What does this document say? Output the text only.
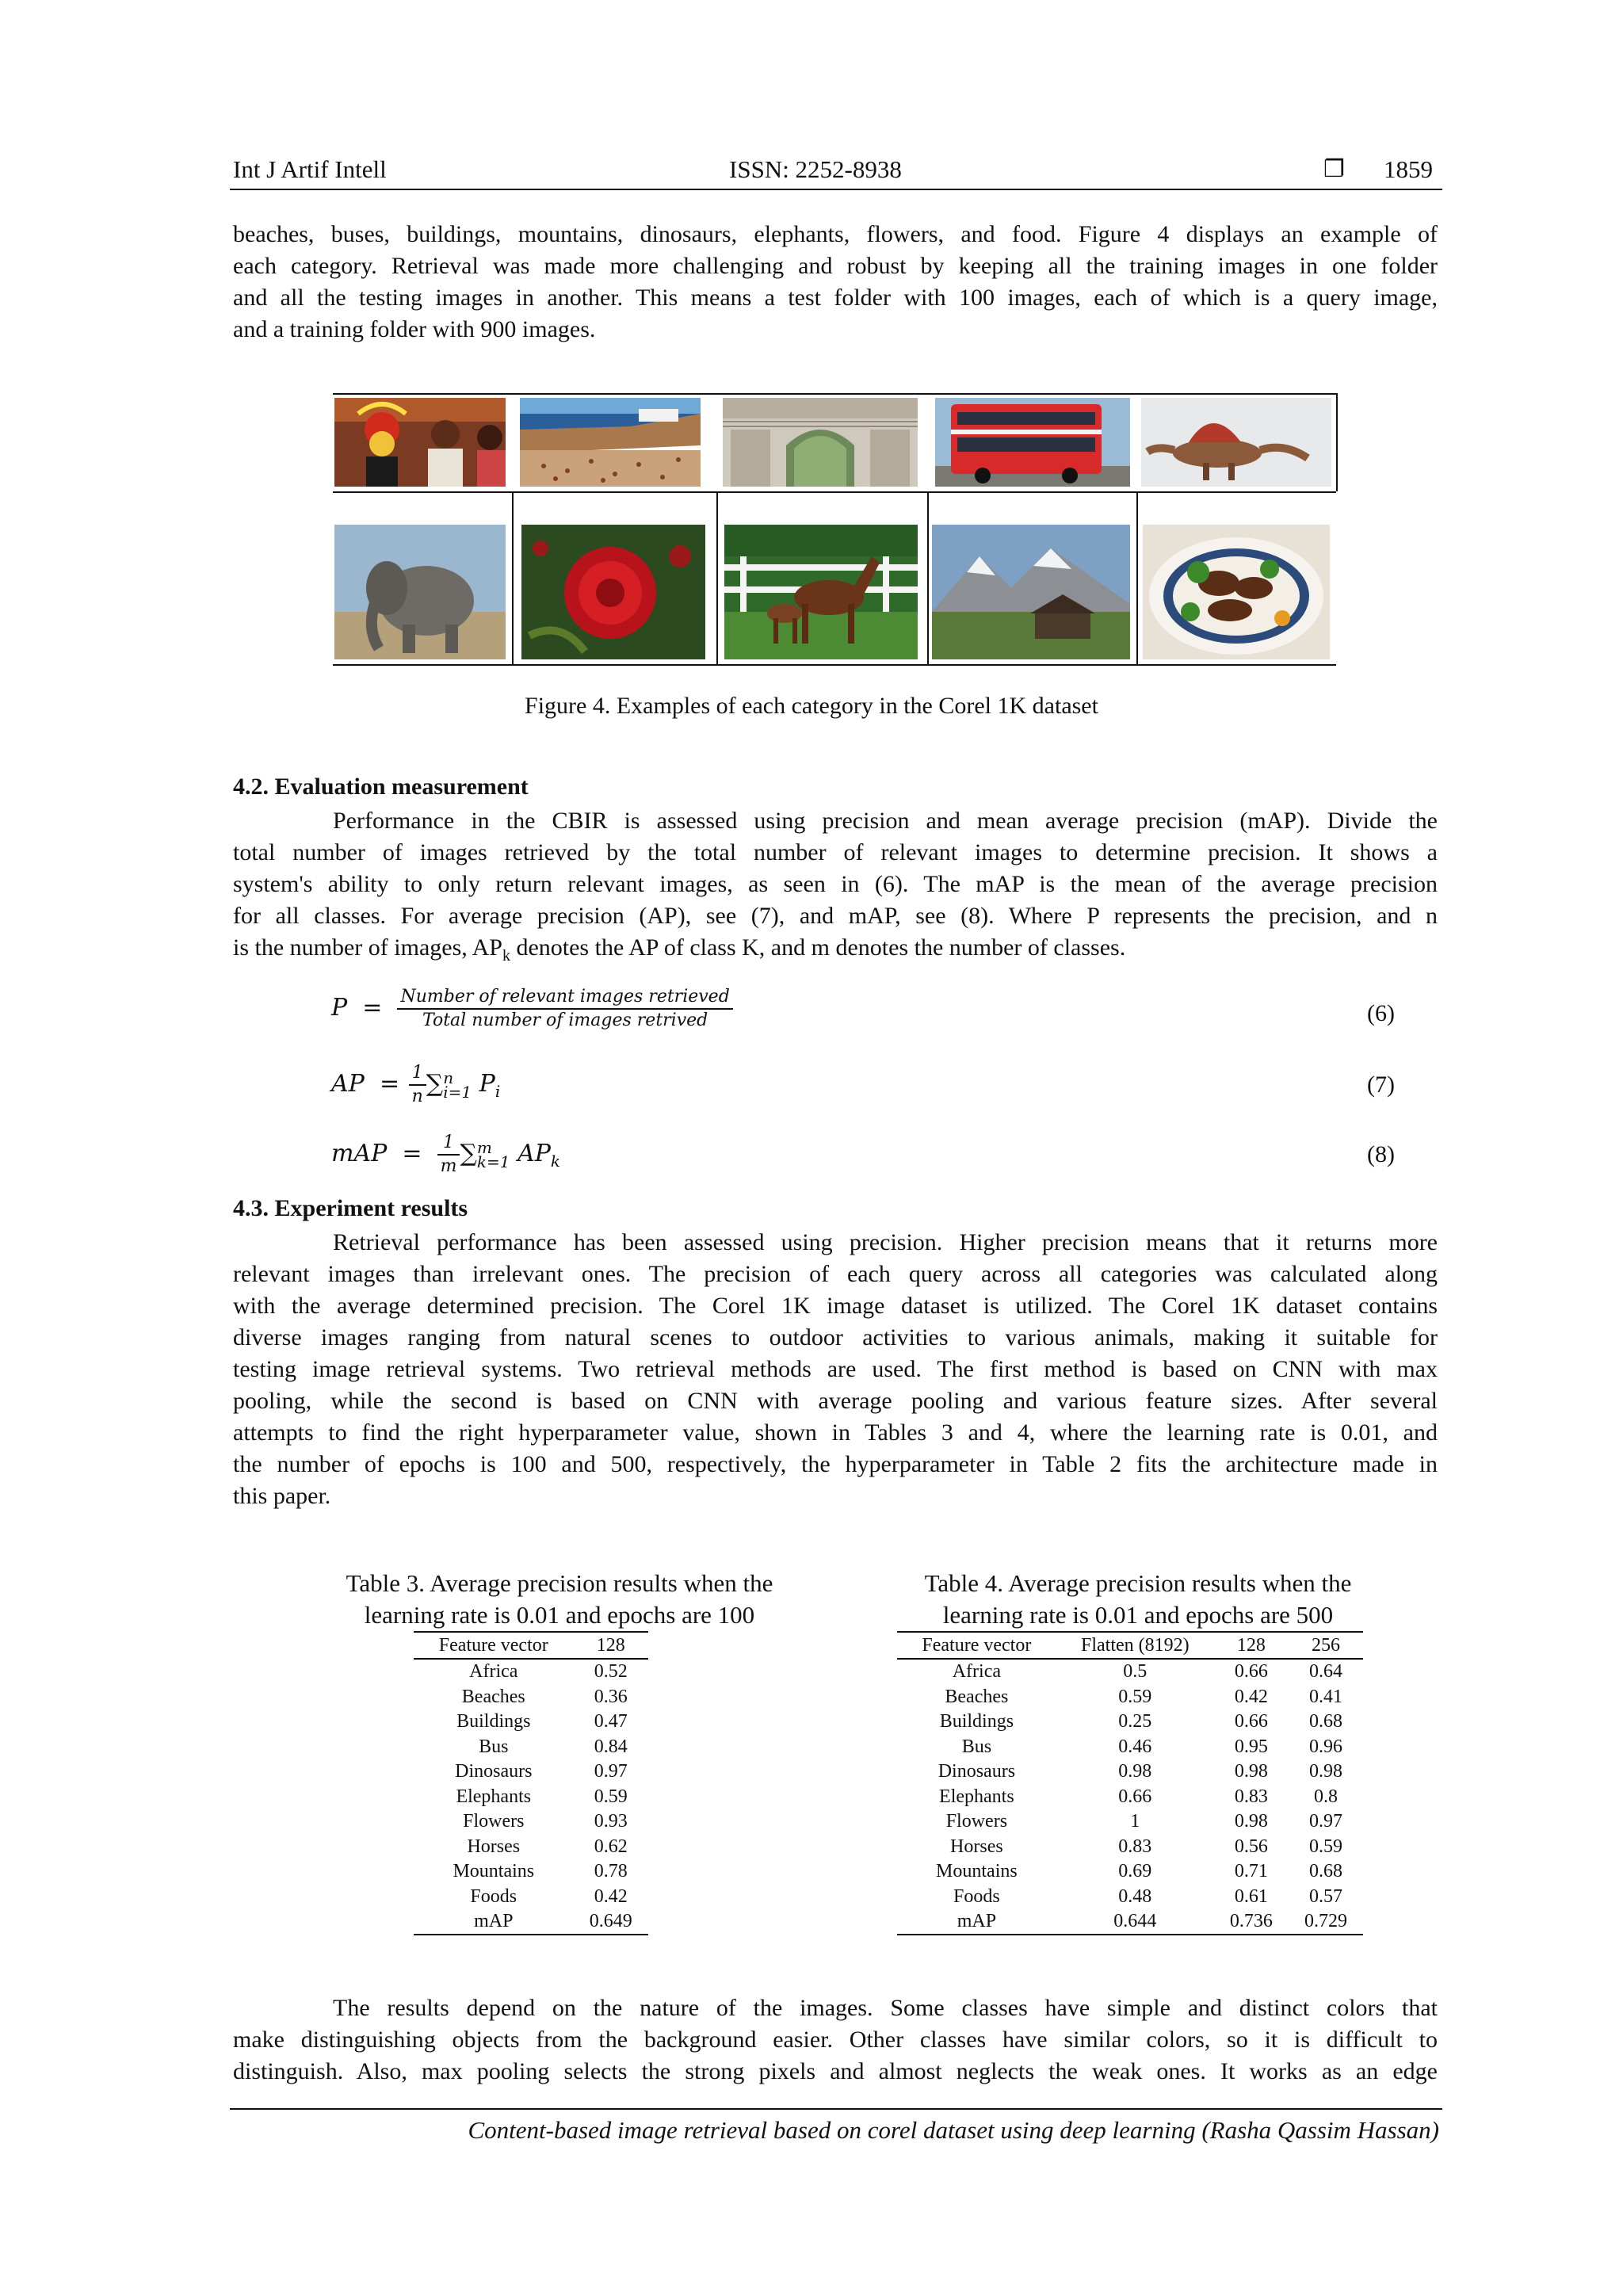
Int J Artif Intell	ISSN: 2252-8938	❐ 1859
beaches, buses, buildings, mountains, dinosaurs, elephants, flowers, and food. Figure 4 displays an example of
each category. Retrieval was made more challenging and robust by keeping all the training images in one folder
and all the testing images in another. This means a test folder with 100 images, each of which is a query image,
and a training folder with 900 images.
Figure 4. Examples of each category in the Corel 1K dataset
4.2. Evaluation measurement
Performance in the CBIR is assessed using precision and mean average precision (mAP). Divide the
total number of images retrieved by the total number of relevant images to determine precision. It shows a
system's ability to only return relevant images, as seen in (6). The mAP is the mean of the average precision
for all classes. For average precision (AP), see (7), and mAP, see (8). Where P represents the precision, and n
is the number of images, $AP_k$ denotes the AP of class K, and m denotes the number of classes.
$P = \frac{\text{Number of relevant images retrieved}}{\text{Total number of images retrived}}$	(6)
AP = $\frac{1}{n}$ ∑ n
i=1 $P_i$	(7)
mAP = $\frac{1}{m}$ ∑ m
k=1 $AP_k$	(8)
4.3. Experiment results
Retrieval performance has been assessed using precision. Higher precision means that it returns more
relevant images than irrelevant ones. The precision of each query across all categories was calculated along
with the average determined precision. The Corel 1K image dataset is utilized. The Corel 1K dataset contains
diverse images ranging from natural scenes to outdoor activities to various animals, making it suitable for
testing image retrieval systems. Two retrieval methods are used. The first method is based on CNN with max
pooling, while the second is based on CNN with average pooling and various feature sizes. After several
attempts to find the right hyperparameter value, shown in Tables 3 and 4, where the learning rate is 0.01, and
the number of epochs is 100 and 500, respectively, the hyperparameter in Table 2 fits the architecture made in
this paper.
Table 3. Average precision results when the
learning rate is 0.01 and epochs are 100
Feature vector	128
Africa	0.52
Beaches	0.36
Buildings	0.47
Bus	0.84
Dinosaurs	0.97
Elephants	0.59
Flowers	0.93
Horses	0.62
Mountains	0.78
Foods	0.42
mAP	0.649
Table 4. Average precision results when the
learning rate is 0.01 and epochs are 500
Feature vector	Flatten (8192)	128	256
Africa	0.5	0.66	0.64
Beaches	0.59	0.42	0.41
Buildings	0.25	0.66	0.68
Bus	0.46	0.95	0.96
Dinosaurs	0.98	0.98	0.98
Elephants	0.66	0.83	0.8
Flowers	1	0.98	0.97
Horses	0.83	0.56	0.59
Mountains	0.69	0.71	0.68
Foods	0.48	0.61	0.57
mAP	0.644	0.736	0.729
The results depend on the nature of the images. Some classes have simple and distinct colors that
make distinguishing objects from the background easier. Other classes have similar colors, so it is difficult to
distinguish. Also, max pooling selects the strong pixels and almost neglects the weak ones. It works as an edge
Content-based image retrieval based on corel dataset using deep learning (Rasha Qassim Hassan)
